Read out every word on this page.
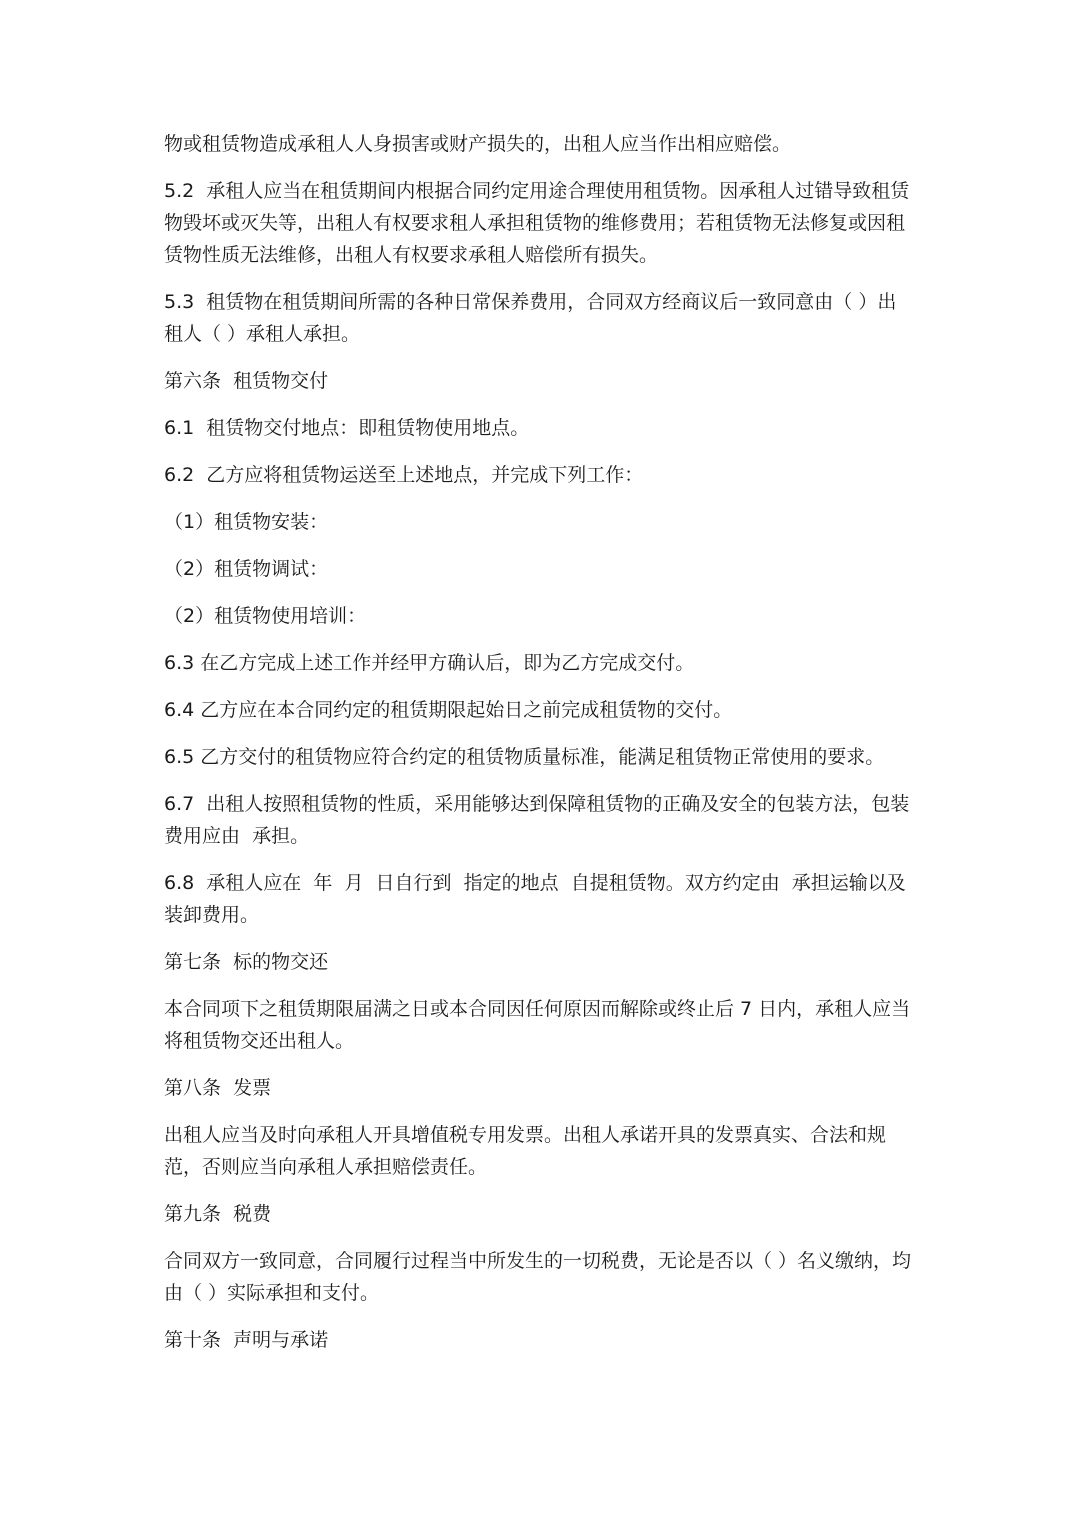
物或租赁物造成承租人人身损害或财产损失的，出租人应当作出相应赔偿。

5.2  承租人应当在租赁期间内根据合同约定用途合理使用租赁物。因承租人过错导致租赁物毁坏或灭失等，出租人有权要求租人承担租赁物的维修费用；若租赁物无法修复或因租赁物性质无法维修，出租人有权要求承租人赔偿所有损失。

5.3  租赁物在租赁期间所需的各种日常保养费用，合同双方经商议后一致同意由（ ）出租人（ ）承租人承担。

第六条  租赁物交付

6.1  租赁物交付地点：即租赁物使用地点。

6.2  乙方应将租赁物运送至上述地点，并完成下列工作：

（1）租赁物安装：

（2）租赁物调试：

（2）租赁物使用培训：

6.3 在乙方完成上述工作并经甲方确认后，即为乙方完成交付。

6.4 乙方应在本合同约定的租赁期限起始日之前完成租赁物的交付。

6.5 乙方交付的租赁物应符合约定的租赁物质量标准，能满足租赁物正常使用的要求。

6.7  出租人按照租赁物的性质，采用能够达到保障租赁物的正确及安全的包装方法，包装费用应由  承担。

6.8  承租人应在  年  月  日自行到  指定的地点  自提租赁物。双方约定由  承担运输以及装卸费用。

第七条  标的物交还

本合同项下之租赁期限届满之日或本合同因任何原因而解除或终止后 7 日内，承租人应当将租赁物交还出租人。

第八条  发票

出租人应当及时向承租人开具增值税专用发票。出租人承诺开具的发票真实、合法和规范，否则应当向承租人承担赔偿责任。

第九条  税费

合同双方一致同意，合同履行过程当中所发生的一切税费，无论是否以（ ）名义缴纳，均由（ ）实际承担和支付。

第十条  声明与承诺
